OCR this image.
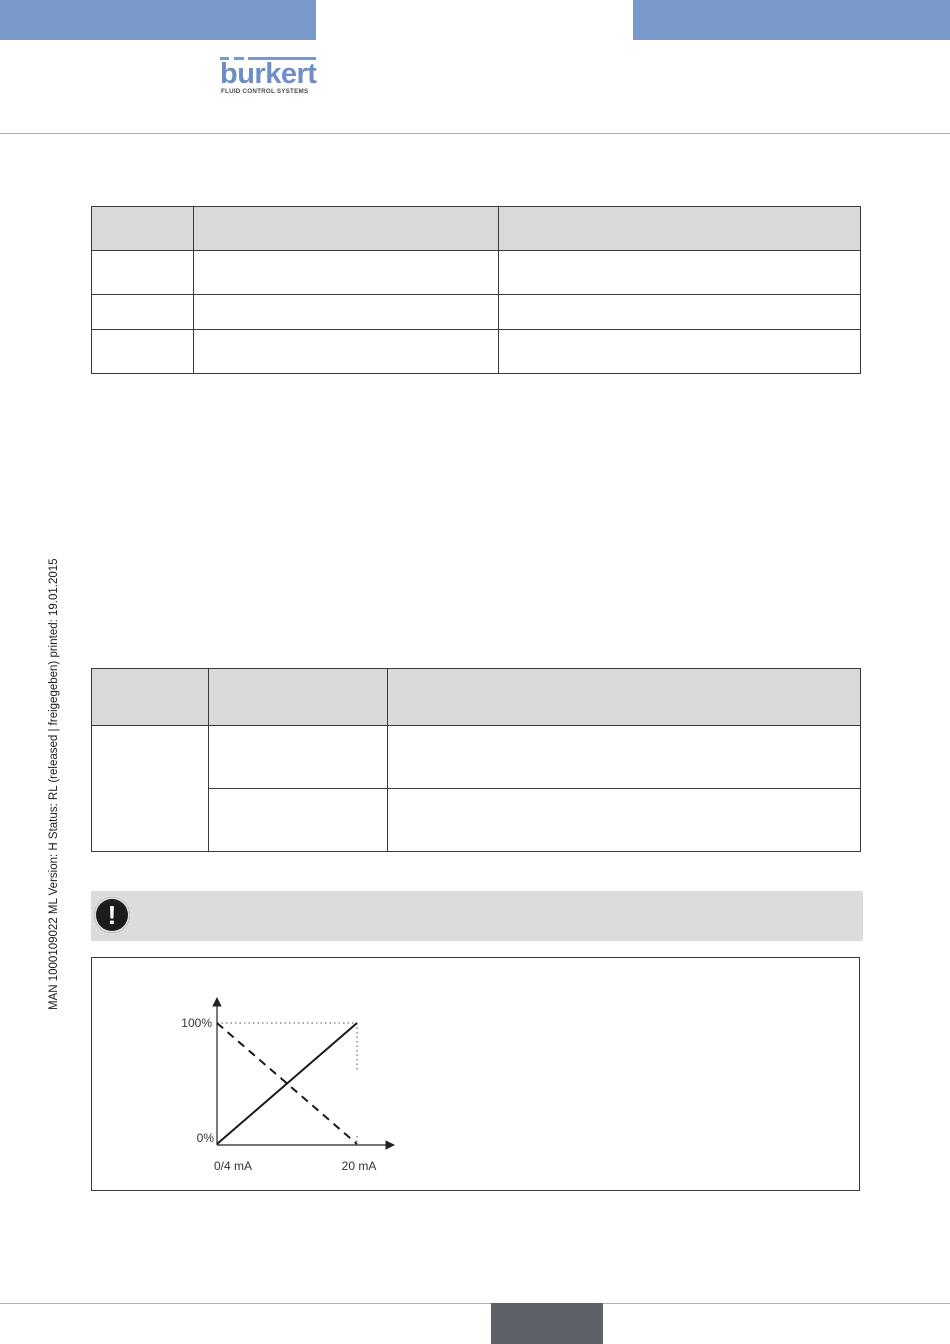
burkert
FLUID CONTROL SYSTEMS
MAN 1000109022 ML Version: H Status: RL (released | freigegeben) printed: 19.01.2015

		!
100%
0%
0/4 mA	20 mA
